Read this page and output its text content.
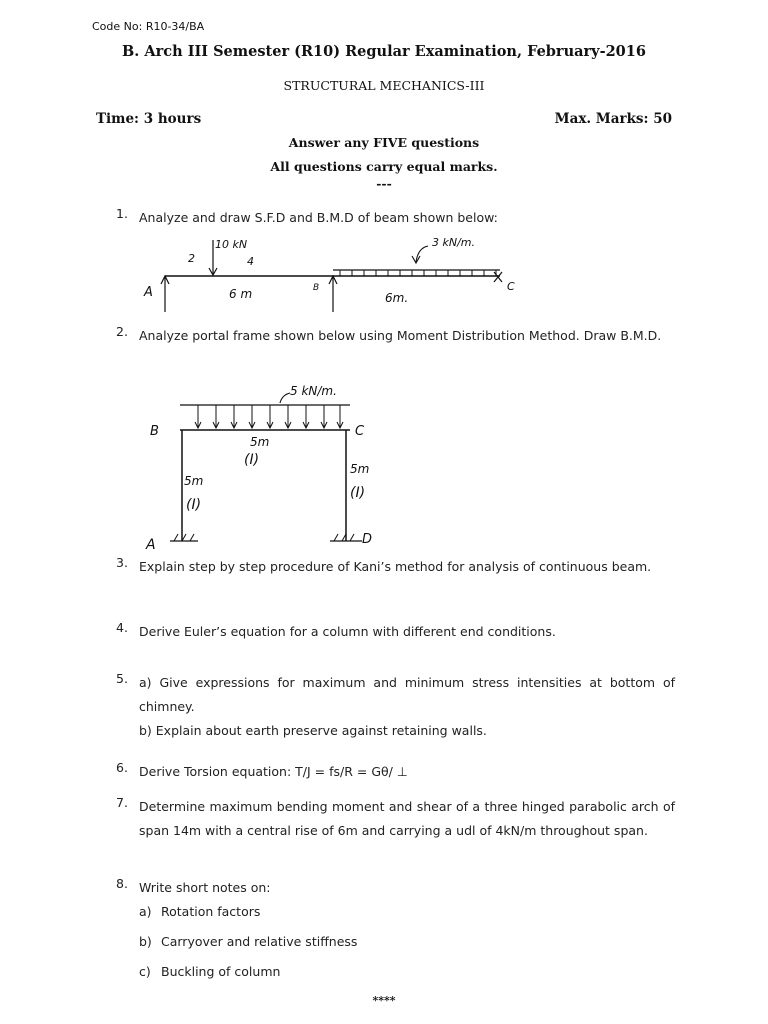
Code No: R10-34/BA
B. Arch III Semester (R10) Regular Examination, February-2016
STRUCTURAL MECHANICS-III
Time: 3 hours	Max. Marks: 50
Answer any FIVE questions
All questions carry equal marks.
---
1. Analyze and draw S.F.D and B.M.D of beam shown below:
10 kN
2	4
3 kN/m.
A	B	C
6 m	6m.
2. Analyze portal frame shown below using Moment Distribution Method. Draw B.M.D.
5 kN/m.
B	C
A	D
5m
(I)
5m
(I)
5m
(I)
3. Explain step by step procedure of Kani’s method for analysis of continuous beam.
4. Derive Euler’s equation for a column with different end conditions.
5. a) Give expressions for maximum and minimum stress intensities at bottom of chimney.
b) Explain about earth preserve against retaining walls.
6. Derive Torsion equation: T/J = fs/R = Gθ/ ⊥
7. Determine maximum bending moment and shear of a three hinged parabolic arch of span 14m with a central rise of 6m and carrying a udl of 4kN/m throughout span.
8. Write short notes on:
a) Rotation factors
b) Carryover and relative stiffness
c) Buckling of column
****
